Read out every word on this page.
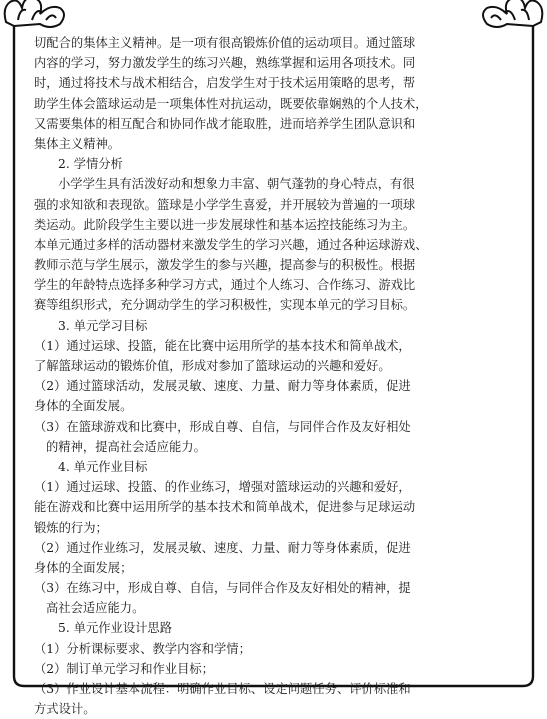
切配合的集体主义精神。是一项有很高锻炼价值的运动项目。通过篮球
内容的学习，努力激发学生的练习兴趣，熟练掌握和运用各项技术。同
时，通过将技术与战术相结合，启发学生对于技术运用策略的思考，帮
助学生体会篮球运动是一项集体性对抗运动，既要依靠娴熟的个人技术，
又需要集体的相互配合和协同作战才能取胜，进而培养学生团队意识和
集体主义精神。
2. 学情分析
小学学生具有活泼好动和想象力丰富、朝气蓬勃的身心特点，有很
强的求知欲和表现欲。篮球是小学学生喜爱，并开展较为普遍的一项球
类运动。此阶段学生主要以进一步发展球性和基本运控技能练习为主。
本单元通过多样的活动器材来激发学生的学习兴趣，通过各种运球游戏、
教师示范与学生展示，激发学生的参与兴趣，提高参与的积极性。根据
学生的年龄特点选择多种学习方式，通过个人练习、合作练习、游戏比
赛等组织形式，充分调动学生的学习积极性，实现本单元的学习目标。
3. 单元学习目标
（1）通过运球、投篮，能在比赛中运用所学的基本技术和简单战术，
了解篮球运动的锻炼价值，形成对参加了篮球运动的兴趣和爱好。
（2）通过篮球活动，发展灵敏、速度、力量、耐力等身体素质，促进
身体的全面发展。
（3）在篮球游戏和比赛中，形成自尊、自信，与同伴合作及友好相处
的精神，提高社会适应能力。
4. 单元作业目标
（1）通过运球、投篮、的作业练习，增强对篮球运动的兴趣和爱好，
能在游戏和比赛中运用所学的基本技术和简单战术，促进参与足球运动
锻炼的行为；
（2）通过作业练习，发展灵敏、速度、力量、耐力等身体素质，促进
身体的全面发展；
（3）在练习中，形成自尊、自信，与同伴合作及友好相处的精神，提
高社会适应能力。
5. 单元作业设计思路
（1）分析课标要求、教学内容和学情；
（2）制订单元学习和作业目标；
（3）作业设计基本流程：明确作业目标、设定问题任务、评价标准和
方式设计。
